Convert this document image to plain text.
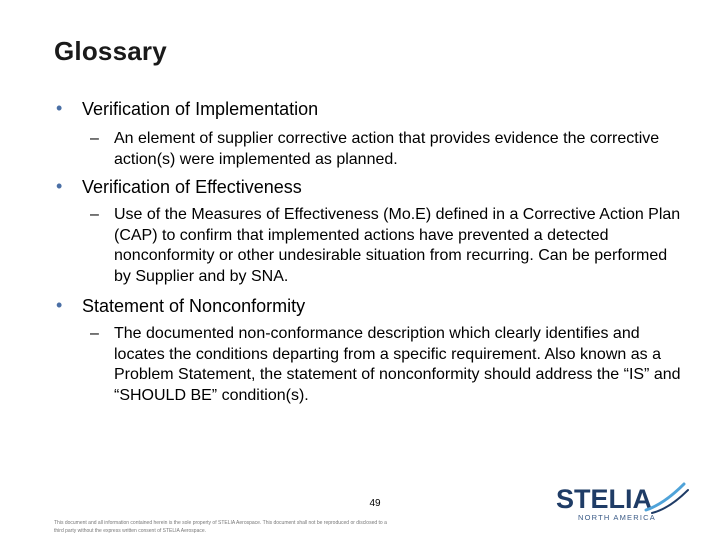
Glossary
• Verification of Implementation
– An element of supplier corrective action that provides evidence the corrective action(s) were implemented as planned.
• Verification of Effectiveness
– Use of the Measures of Effectiveness (Mo.E) defined in a Corrective Action Plan (CAP) to confirm that implemented actions have prevented a detected nonconformity or other undesirable situation from recurring. Can be performed by Supplier and by SNA.
• Statement of Nonconformity
– The documented non-conformance description which clearly identifies and locates the conditions departing from a specific requirement. Also known as a Problem Statement, the statement of nonconformity should address the “IS” and “SHOULD BE” condition(s).
49
This document and all information contained herein is the sole property of STELIA Aerospace. This document shall not be reproduced or disclosed to a third party without the express written consent of STELIA Aerospace.
STELIA
NORTH AMERICA
